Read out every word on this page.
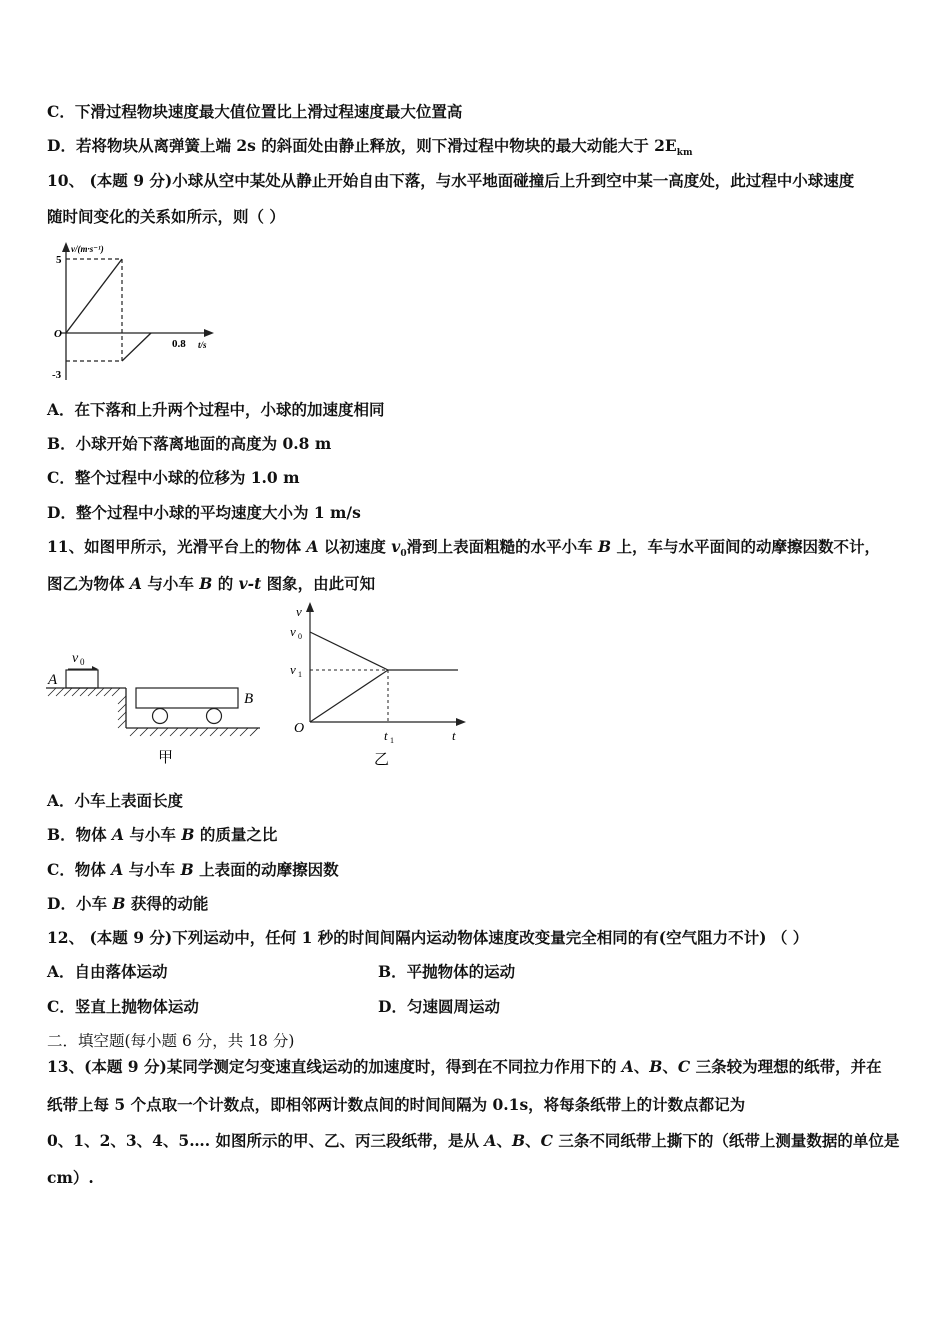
C．下滑过程物块速度最大值位置比上滑过程速度最大位置高
D．若将物块从离弹簧上端 2s 的斜面处由静止释放，则下滑过程中物块的最大动能大于 $2E_{km}$
10、 (本题 9 分)小球从空中某处从静止开始自由下落，与水平地面碰撞后上升到空中某一高度处，此过程中小球速度
随时间变化的关系如所示，则（ ）
v/(m·s⁻¹)
5
-3
O
0.8 t/s
A．在下落和上升两个过程中，小球的加速度相同
B．小球开始下落离地面的高度为 0.8 m
C．整个过程中小球的位移为 1.0 m
D．整个过程中小球的平均速度大小为 1 m/s
11、如图甲所示，光滑平台上的物体 A 以初速度 $v_0$滑到上表面粗糙的水平小车 B 上，车与水平面间的动摩擦因数不计，
图乙为物体 A 与小车 B 的 v-t 图象，由此可知
v 0
A
B
甲
v
v 0
v 1
O	t 1	t
乙
A．小车上表面长度
B．物体 A 与小车 B 的质量之比
C．物体 A 与小车 B 上表面的动摩擦因数
D．小车 B 获得的动能
12、 (本题 9 分)下列运动中，任何 1 秒的时间间隔内运动物体速度改变量完全相同的有(空气阻力不计) （ ）
A．自由落体运动	B．平抛物体的运动
C．竖直上抛物体运动	D．匀速圆周运动
二．填空题(每小题 6 分，共 18 分)
13、(本题 9 分)某同学测定匀变速直线运动的加速度时，得到在不同拉力作用下的 A、B、C 三条较为理想的纸带，并在
纸带上每 5 个点取一个计数点，即相邻两计数点间的时间间隔为 0.1s，将每条纸带上的计数点都记为
0、1、2、3、4、5…. 如图所示的甲、乙、丙三段纸带，是从 A、B、C 三条不同纸带上撕下的（纸带上测量数据的单位是
cm）.
